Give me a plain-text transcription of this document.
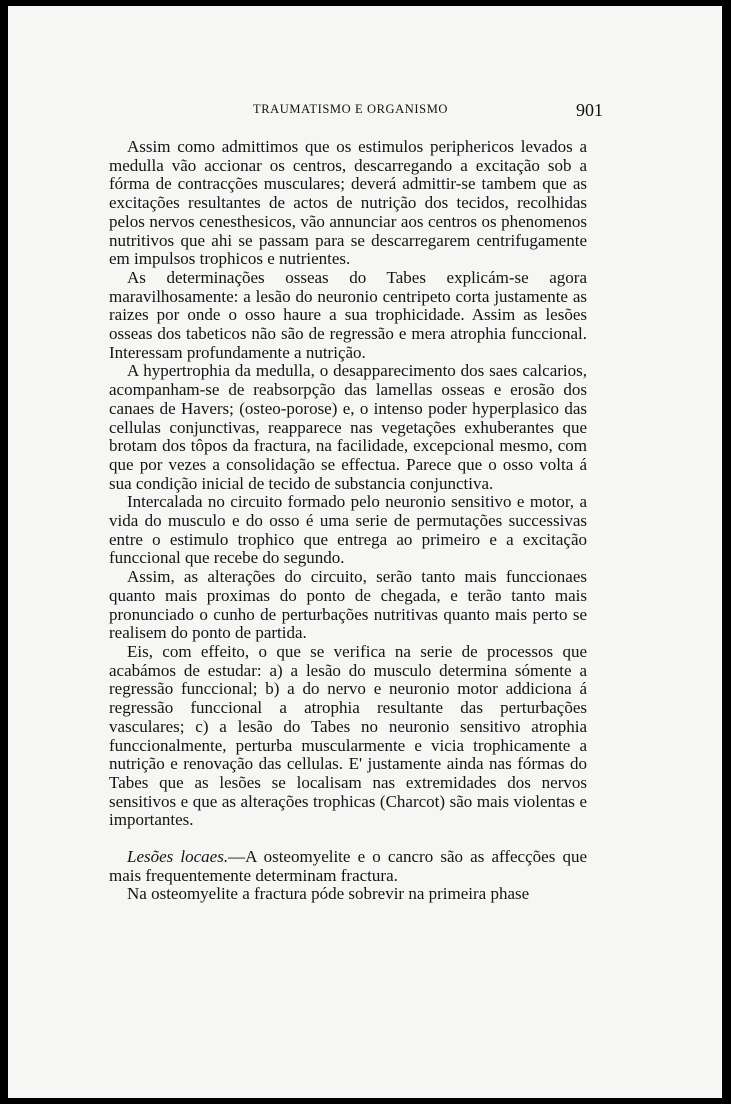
TRAUMATISMO E ORGANISMO	901

Assim como admittimos que os estimulos periphericos levados a medulla vão accionar os centros, descarregando a excitação sob a fórma de contracções musculares; deverá admittir-se tambem que as excitações resultantes de actos de nutrição dos tecidos, recolhidas pelos nervos cenesthesicos, vão annunciar aos centros os phenomenos nutritivos que ahi se passam para se descarregarem centrifugamente em impulsos trophicos e nutrientes.

As determinações osseas do Tabes explicám-se agora maravilhosamente: a lesão do neuronio centripeto corta justamente as raizes por onde o osso haure a sua trophicidade. Assim as lesões osseas dos tabeticos não são de regressão e mera atrophia funccional. Interessam profundamente a nutrição.

A hypertrophia da medulla, o desapparecimento dos saes calcarios, acompanham-se de reabsorpção das lamellas osseas e erosão dos canaes de Havers; (osteo-porose) e, o intenso poder hyperplasico das cellulas conjunctivas, reapparece nas vegetações exhuberantes que brotam dos tôpos da fractura, na facilidade, excepcional mesmo, com que por vezes a consolidação se effectua. Parece que o osso volta á sua condição inicial de tecido de substancia conjunctiva.

Intercalada no circuito formado pelo neuronio sensitivo e motor, a vida do musculo e do osso é uma serie de permutações successivas entre o estimulo trophico que entrega ao primeiro e a excitação funccional que recebe do segundo.

Assim, as alterações do circuito, serão tanto mais funccionaes quanto mais proximas do ponto de chegada, e terão tanto mais pronunciado o cunho de perturbações nutritivas quanto mais perto se realisem do ponto de partida.

Eis, com effeito, o que se verifica na serie de processos que acabámos de estudar: a) a lesão do musculo determina sómente a regressão funccional; b) a do nervo e neuronio motor addiciona á regressão funccional a atrophia resultante das perturbações vasculares; c) a lesão do Tabes no neuronio sensitivo atrophia funccionalmente, perturba muscularmente e vicia trophicamente a nutrição e renovação das cellulas. E' justamente ainda nas fórmas do Tabes que as lesões se localisam nas extremidades dos nervos sensitivos e que as alterações trophicas (Charcot) são mais violentas e importantes.

Lesões locaes.—A osteomyelite e o cancro são as affecções que mais frequentemente determinam fractura.

Na osteomyelite a fractura póde sobrevir na primeira phase
